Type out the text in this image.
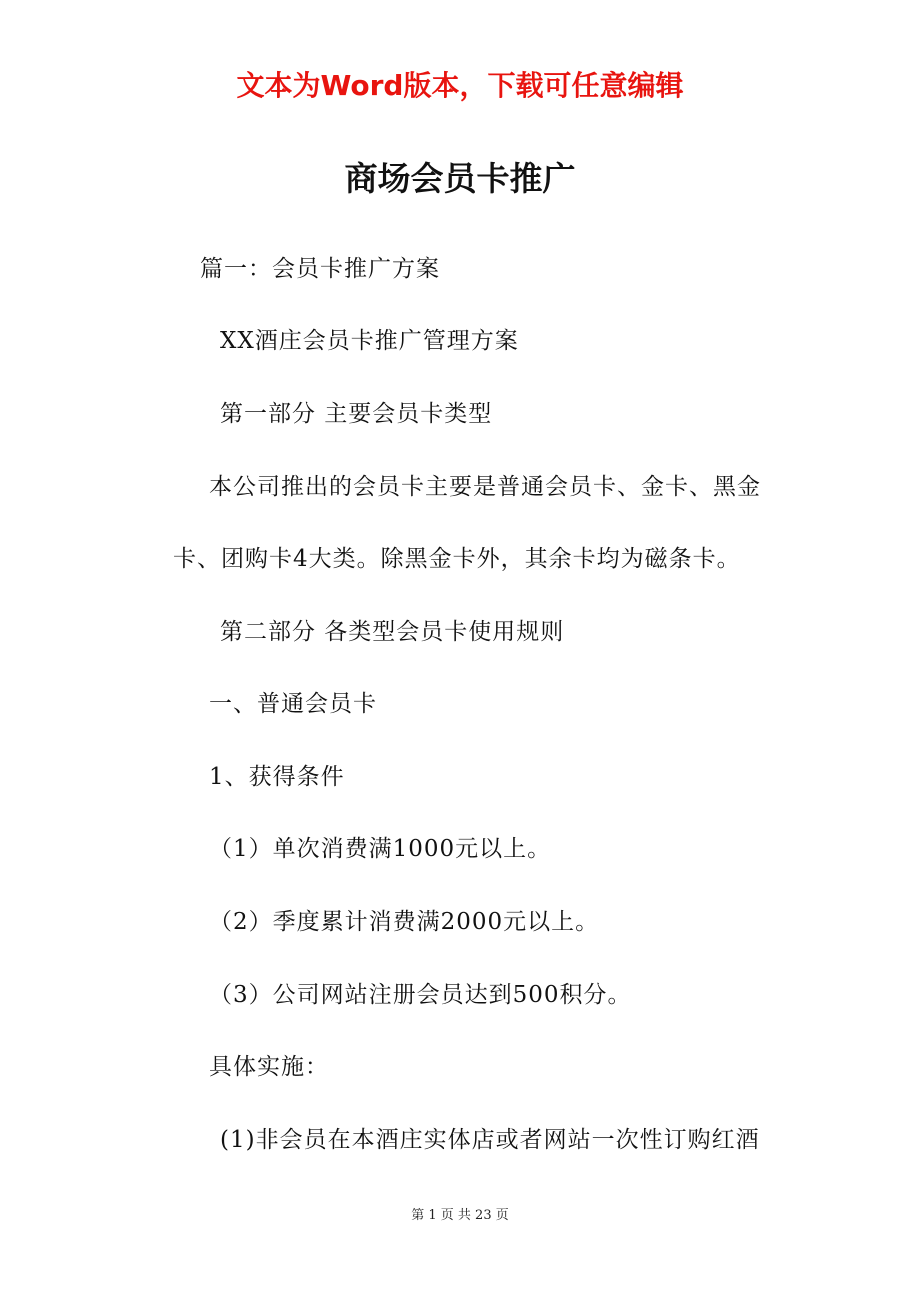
文本为Word版本，下载可任意编辑
商场会员卡推广

篇一：会员卡推广方案

XX酒庄会员卡推广管理方案

第一部分 主要会员卡类型

本公司推出的会员卡主要是普通会员卡、金卡、黑金

卡、团购卡4大类。除黑金卡外，其余卡均为磁条卡。

第二部分 各类型会员卡使用规则

一、普通会员卡

1、获得条件

（1）单次消费满1000元以上。

（2）季度累计消费满2000元以上。

（3）公司网站注册会员达到500积分。

具体实施：

(1)非会员在本酒庄实体店或者网站一次性订购红酒

第 1 页 共 23 页
